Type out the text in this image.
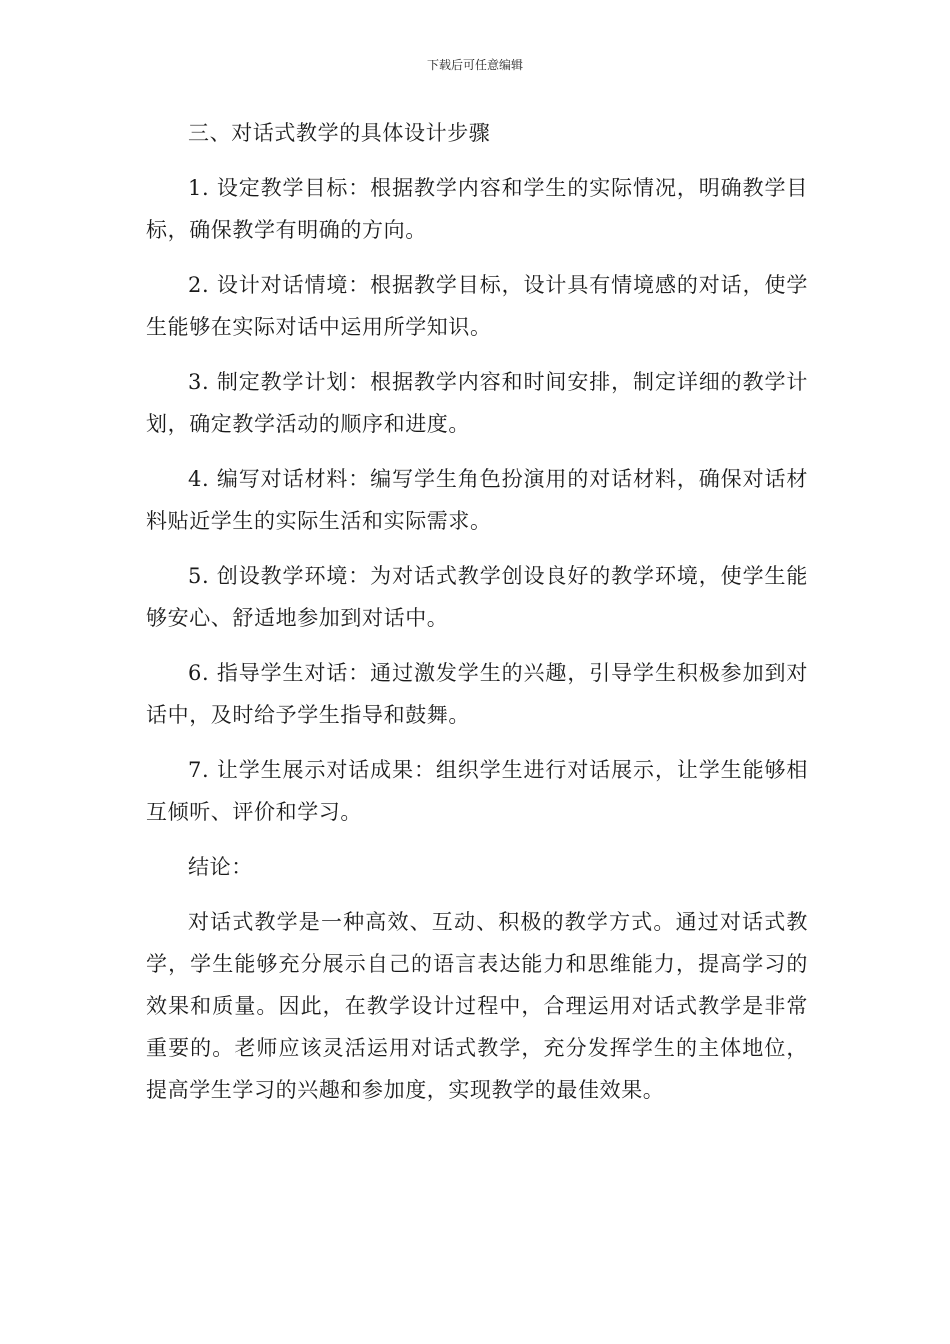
下载后可任意编辑

三、对话式教学的具体设计步骤

1. 设定教学目标：根据教学内容和学生的实际情况，明确教学目标，确保教学有明确的方向。

2. 设计对话情境：根据教学目标，设计具有情境感的对话，使学生能够在实际对话中运用所学知识。

3. 制定教学计划：根据教学内容和时间安排，制定详细的教学计划，确定教学活动的顺序和进度。

4. 编写对话材料：编写学生角色扮演用的对话材料，确保对话材料贴近学生的实际生活和实际需求。

5. 创设教学环境：为对话式教学创设良好的教学环境，使学生能够安心、舒适地参加到对话中。

6. 指导学生对话：通过激发学生的兴趣，引导学生积极参加到对话中，及时给予学生指导和鼓舞。

7. 让学生展示对话成果：组织学生进行对话展示，让学生能够相互倾听、评价和学习。

结论：

对话式教学是一种高效、互动、积极的教学方式。通过对话式教学，学生能够充分展示自己的语言表达能力和思维能力，提高学习的效果和质量。因此，在教学设计过程中，合理运用对话式教学是非常重要的。老师应该灵活运用对话式教学，充分发挥学生的主体地位，提高学生学习的兴趣和参加度，实现教学的最佳效果。
